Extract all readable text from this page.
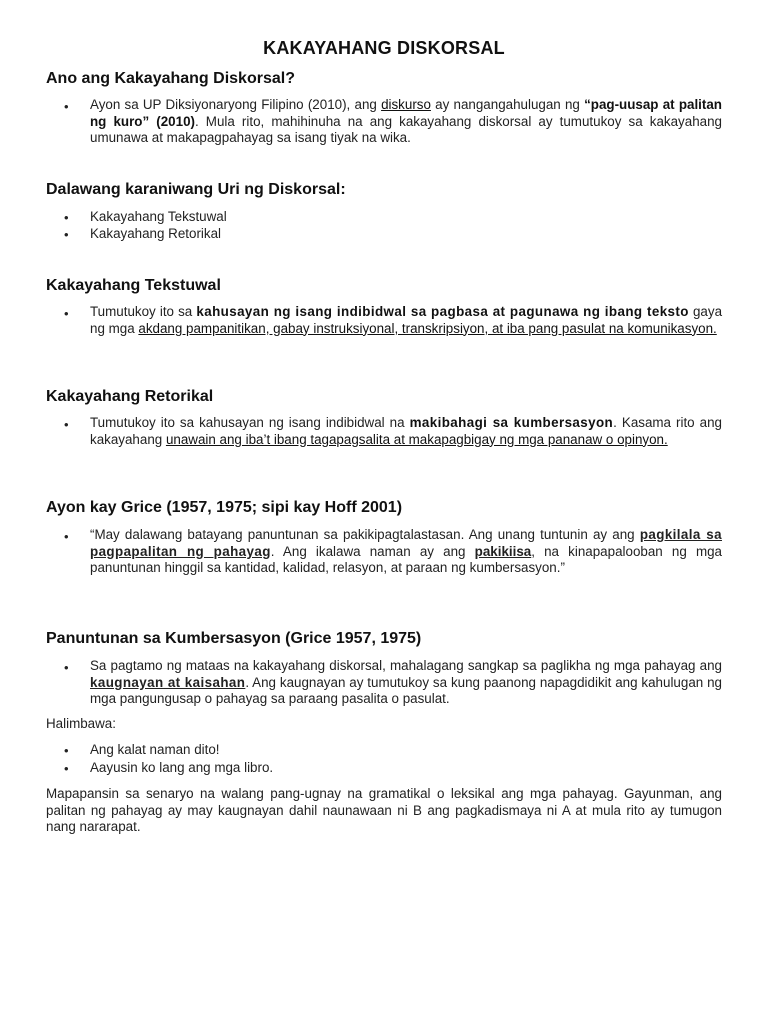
KAKAYAHANG DISKORSAL
Ano ang Kakayahang Diskorsal?
• Ayon sa UP Diksiyonaryong Filipino (2010), ang diskurso ay nangangahulugan ng “pag-uusap at palitan ng kuro” (2010). Mula rito, mahihinuha na ang kakayahang diskorsal ay tumutukoy sa kakayahang umunawa at makapagpahayag sa isang tiyak na wika.
Dalawang karaniwang Uri ng Diskorsal:
• Kakayahang Tekstuwal
• Kakayahang Retorikal
Kakayahang Tekstuwal
• Tumutukoy ito sa kahusayan ng isang indibidwal sa pagbasa at pagunawa ng ibang teksto gaya ng mga akdang pampanitikan, gabay instruksiyonal, transkripsiyon, at iba pang pasulat na komunikasyon.
Kakayahang Retorikal
• Tumutukoy ito sa kahusayan ng isang indibidwal na makibahagi sa kumbersasyon. Kasama rito ang kakayahang unawain ang iba’t ibang tagapagsalita at makapagbigay ng mga pananaw o opinyon.
Ayon kay Grice (1957, 1975; sipi kay Hoff 2001)
• “May dalawang batayang panuntunan sa pakikipagtalastasan. Ang unang tuntunin ay ang pagkilala sa pagpapalitan ng pahayag. Ang ikalawa naman ay ang pakikiisa, na kinapapalooban ng mga panuntunan hinggil sa kantidad, kalidad, relasyon, at paraan ng kumbersasyon.”
Panuntunan sa Kumbersasyon (Grice 1957, 1975)
• Sa pagtamo ng mataas na kakayahang diskorsal, mahalagang sangkap sa paglikha ng mga pahayag ang kaugnayan at kaisahan. Ang kaugnayan ay tumutukoy sa kung paanong napagdidikit ang kahulugan ng mga pangungusap o pahayag sa paraang pasalita o pasulat.
Halimbawa:
• Ang kalat naman dito!
• Aayusin ko lang ang mga libro.
Mapapansin sa senaryo na walang pang-ugnay na gramatikal o leksikal ang mga pahayag. Gayunman, ang palitan ng pahayag ay may kaugnayan dahil naunawaan ni B ang pagkadismaya ni A at mula rito ay tumugon nang nararapat.
